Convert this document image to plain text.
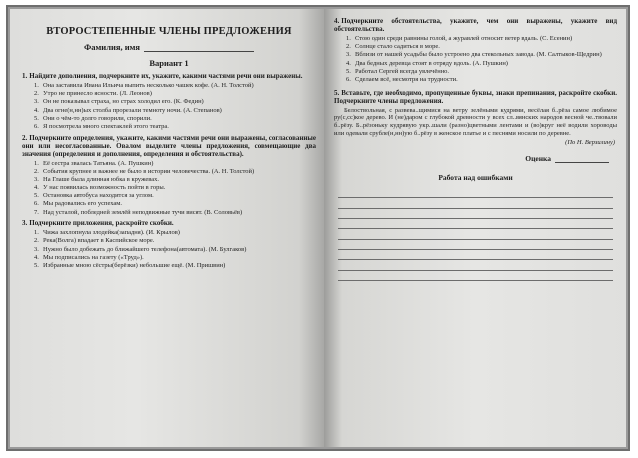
ВТОРОСТЕПЕННЫЕ ЧЛЕНЫ ПРЕДЛОЖЕНИЯ
Фамилия, имя
Вариант 1
1. Найдите дополнения, подчеркните их, укажите, какими частями речи они выражены.
1. Она заставила Ивана Ильича выпить несколько чашек кофе. (А. Н. Толстой)
2. Утро не принесло ясности. (Л. Леонов)
3. Он не показывал страха, но страх холодил его. (К. Федин)
4. Два огне(н,нн)ых столба прорезали темноту ночи. (А. Степанов)
5. Они о чём-то долго говорили, спорили.
6. Я посмотрела много спектаклей этого театра.
2. Подчеркните определения, укажите, какими частями речи они выражены, согласованные они или несогласованные. Овалом выделите члены предложения, совмещающие два значения (определения и дополнения, определения и обстоятельства).
1. Её сестра звалась Татьяна. (А. Пушкин)
2. События крупнее и важнее не было в истории человечества. (А. Н. Толстой)
3. На Глаше была длинная юбка в кружевах.
4. У нас появилась возможность пойти в горы.
5. Остановка автобуса находится за углом.
6. Мы радовались его успехам.
7. Над усталой, побледней землёй неподвижные тучи висят. (В. Соловьёв)
3. Подчеркните приложения, раскройте скобки.
1. Чижа захлопнула злодейка(западня). (И. Крылов)
2. Река(Волга) впадает в Каспийское море.
3. Нужно было добежать до ближайшего телефона(автомата). (М. Булгаков)
4. Мы подписались на газету («Труд»).
5. Избранные мною сёстры(берёзки) небольшие ещё. (М. Пришвин)
4. Подчеркните обстоятельства, укажите, чем они выражены, укажите вид обстоятельства.
1. Стою один среди равнины голой, а журавлей относит ветер вдаль. (С. Есенин)
2. Солнце стало садиться в море.
3. Вблизи от нашей усадьбы было устроено два стекольных завода. (М. Салтыков-Щедрин)
4. Два бедных деревца стоят в отряду вдоль. (А. Пушкин)
5. Работал Сергей всегда увлечённо.
6. Сделаем всё, несмотря на трудности.
5. Вставьте, где необходимо, пропущенные буквы, знаки препинания, раскройте скобки. Подчеркните члены предложения.
Белоствольная, с развева..щимися на ветру зелёными кудрями, весёлая б..рёза самое любимое ру(с,сс)кое дерево. И (не)даром с глубокой древности у всех сл..вянских народов весной че..твовали б..рёзу. Б..рёзоньку кудрявую укр..шали (разно)цветными лентами и (во)круг неё водили хороводы или одевали срубле(н,нн)ую б..рёзу в женское платье и с песнями носили по деревне.
(По Н. Верзилину)
Оценка
Работа над ошибками
